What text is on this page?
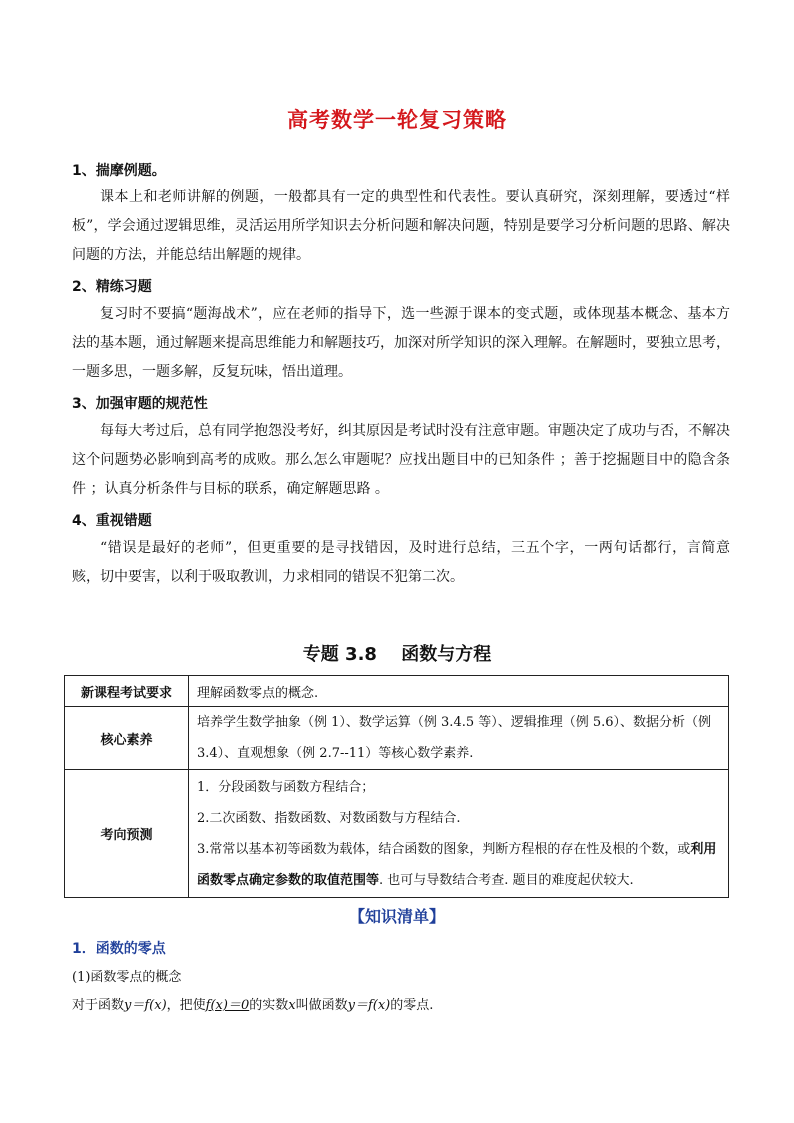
高考数学一轮复习策略
1、揣摩例题。
课本上和老师讲解的例题，一般都具有一定的典型性和代表性。要认真研究，深刻理解，要透过“样板”，学会通过逻辑思维，灵活运用所学知识去分析问题和解决问题，特别是要学习分析问题的思路、解决问题的方法，并能总结出解题的规律。
2、精练习题
复习时不要搞“题海战术”，应在老师的指导下，选一些源于课本的变式题，或体现基本概念、基本方法的基本题，通过解题来提高思维能力和解题技巧，加深对所学知识的深入理解。在解题时，要独立思考，一题多思，一题多解，反复玩味，悟出道理。
3、加强审题的规范性
每每大考过后，总有同学抱怨没考好，纠其原因是考试时没有注意审题。审题决定了成功与否，不解决这个问题势必影响到高考的成败。那么怎么审题呢？应找出题目中的已知条件 ；善于挖掘题目中的隐含条件 ；认真分析条件与目标的联系，确定解题思路 。
4、重视错题
“错误是最好的老师”，但更重要的是寻找错因，及时进行总结，三五个字，一两句话都行，言简意赅，切中要害，以利于吸取教训，力求相同的错误不犯第二次。
专题 3.8　 函数与方程
新课程考试要求	理解函数零点的概念.
核心素养	培养学生数学抽象（例 1）、数学运算（例 3.4.5 等）、逻辑推理（例 5.6）、数据分析（例 3.4）、直观想象（例 2.7--11）等核心数学素养.

考向预测	1．分段函数与函数方程结合；
2.二次函数、指数函数、对数函数与方程结合.
3.常常以基本初等函数为载体，结合函数的图象，判断方程根的存在性及根的个数，或利用函数零点确定参数的取值范围等. 也可与导数结合考查. 题目的难度起伏较大.
【知识清单】
1．函数的零点
(1)函数零点的概念
对于函数y＝f(x)，把使f(x)＝0的实数x叫做函数y＝f(x)的零点.
